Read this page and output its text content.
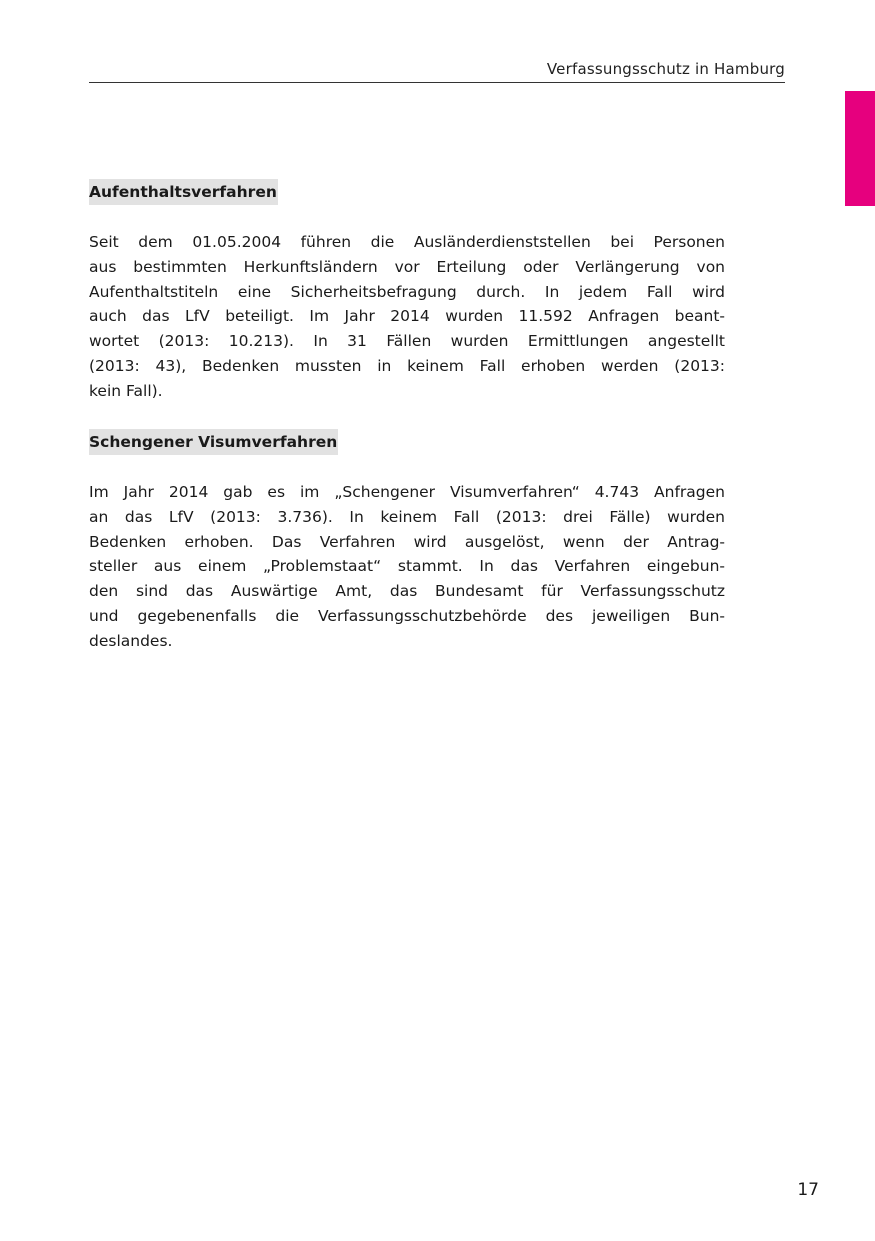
Verfassungsschutz in Hamburg
Aufenthaltsverfahren

Seit dem 01.05.2004 führen die Ausländerdienststellen bei Personen
aus bestimmten Herkunftsländern vor Erteilung oder Verlängerung von
Aufenthaltstiteln eine Sicherheitsbefragung durch. In jedem Fall wird
auch das LfV beteiligt. Im Jahr 2014 wurden 11.592 Anfragen beant-
wortet (2013: 10.213). In 31 Fällen wurden Ermittlungen angestellt
(2013: 43), Bedenken mussten in keinem Fall erhoben werden (2013:
kein Fall).

Schengener Visumverfahren

Im Jahr 2014 gab es im „Schengener Visumverfahren“ 4.743 Anfragen
an das LfV (2013: 3.736). In keinem Fall (2013: drei Fälle) wurden
Bedenken erhoben. Das Verfahren wird ausgelöst, wenn der Antrag-
steller aus einem „Problemstaat“ stammt. In das Verfahren eingebun-
den sind das Auswärtige Amt, das Bundesamt für Verfassungsschutz
und gegebenenfalls die Verfassungsschutzbehörde des jeweiligen Bun-
deslandes.

17
